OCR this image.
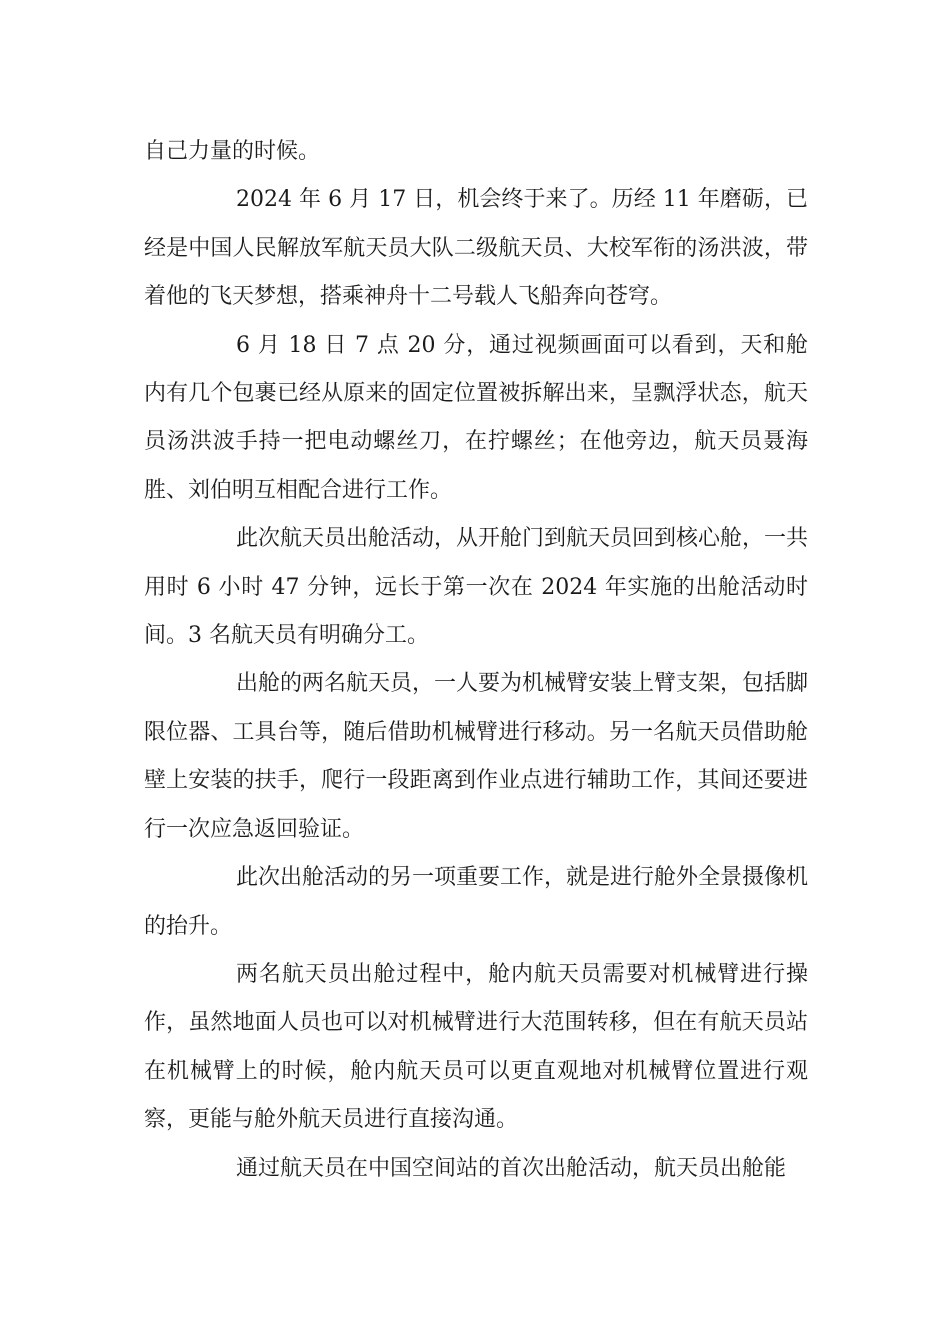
自己力量的时候。

2024 年 6 月 17 日，机会终于来了。历经 11 年磨砺，已经是中国人民解放军航天员大队二级航天员、大校军衔的汤洪波，带着他的飞天梦想，搭乘神舟十二号载人飞船奔向苍穹。

6 月 18 日 7 点 20 分，通过视频画面可以看到，天和舱内有几个包裹已经从原来的固定位置被拆解出来，呈飘浮状态，航天员汤洪波手持一把电动螺丝刀，在拧螺丝；在他旁边，航天员聂海胜、刘伯明互相配合进行工作。

此次航天员出舱活动，从开舱门到航天员回到核心舱，一共用时 6 小时 47 分钟，远长于第一次在 2024 年实施的出舱活动时间。3 名航天员有明确分工。

出舱的两名航天员，一人要为机械臂安装上臂支架，包括脚限位器、工具台等，随后借助机械臂进行移动。另一名航天员借助舱壁上安装的扶手，爬行一段距离到作业点进行辅助工作，其间还要进行一次应急返回验证。

此次出舱活动的另一项重要工作，就是进行舱外全景摄像机的抬升。

两名航天员出舱过程中，舱内航天员需要对机械臂进行操作，虽然地面人员也可以对机械臂进行大范围转移，但在有航天员站在机械臂上的时候，舱内航天员可以更直观地对机械臂位置进行观察，更能与舱外航天员进行直接沟通。

通过航天员在中国空间站的首次出舱活动，航天员出舱能
